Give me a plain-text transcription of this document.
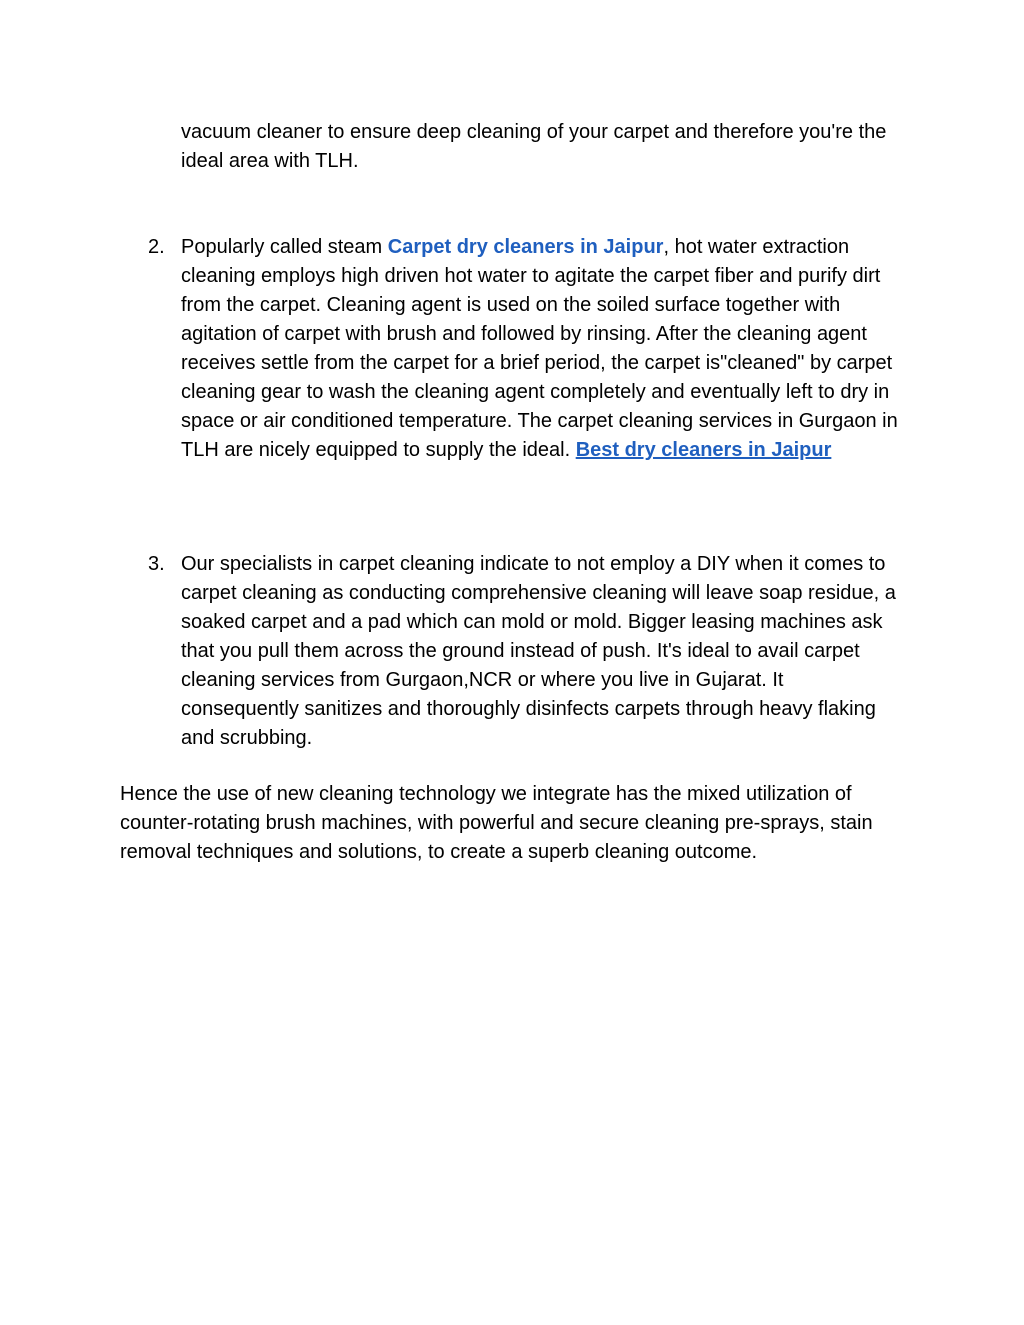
vacuum cleaner to ensure deep cleaning of your carpet and therefore you're the ideal area with TLH.

2. Popularly called steam Carpet dry cleaners in Jaipur, hot water extraction cleaning employs high driven hot water to agitate the carpet fiber and purify dirt from the carpet. Cleaning agent is used on the soiled surface together with agitation of carpet with brush and followed by rinsing. After the cleaning agent receives settle from the carpet for a brief period, the carpet is"cleaned" by carpet cleaning gear to wash the cleaning agent completely and eventually left to dry in space or air conditioned temperature. The carpet cleaning services in Gurgaon in TLH are nicely equipped to supply the ideal. Best dry cleaners in Jaipur

3. Our specialists in carpet cleaning indicate to not employ a DIY when it comes to carpet cleaning as conducting comprehensive cleaning will leave soap residue, a soaked carpet and a pad which can mold or mold. Bigger leasing machines ask that you pull them across the ground instead of push. It's ideal to avail carpet cleaning services from Gurgaon,NCR or where you live in Gujarat. It consequently sanitizes and thoroughly disinfects carpets through heavy flaking and scrubbing.

Hence the use of new cleaning technology we integrate has the mixed utilization of counter-rotating brush machines, with powerful and secure cleaning pre-sprays, stain removal techniques and solutions, to create a superb cleaning outcome.
